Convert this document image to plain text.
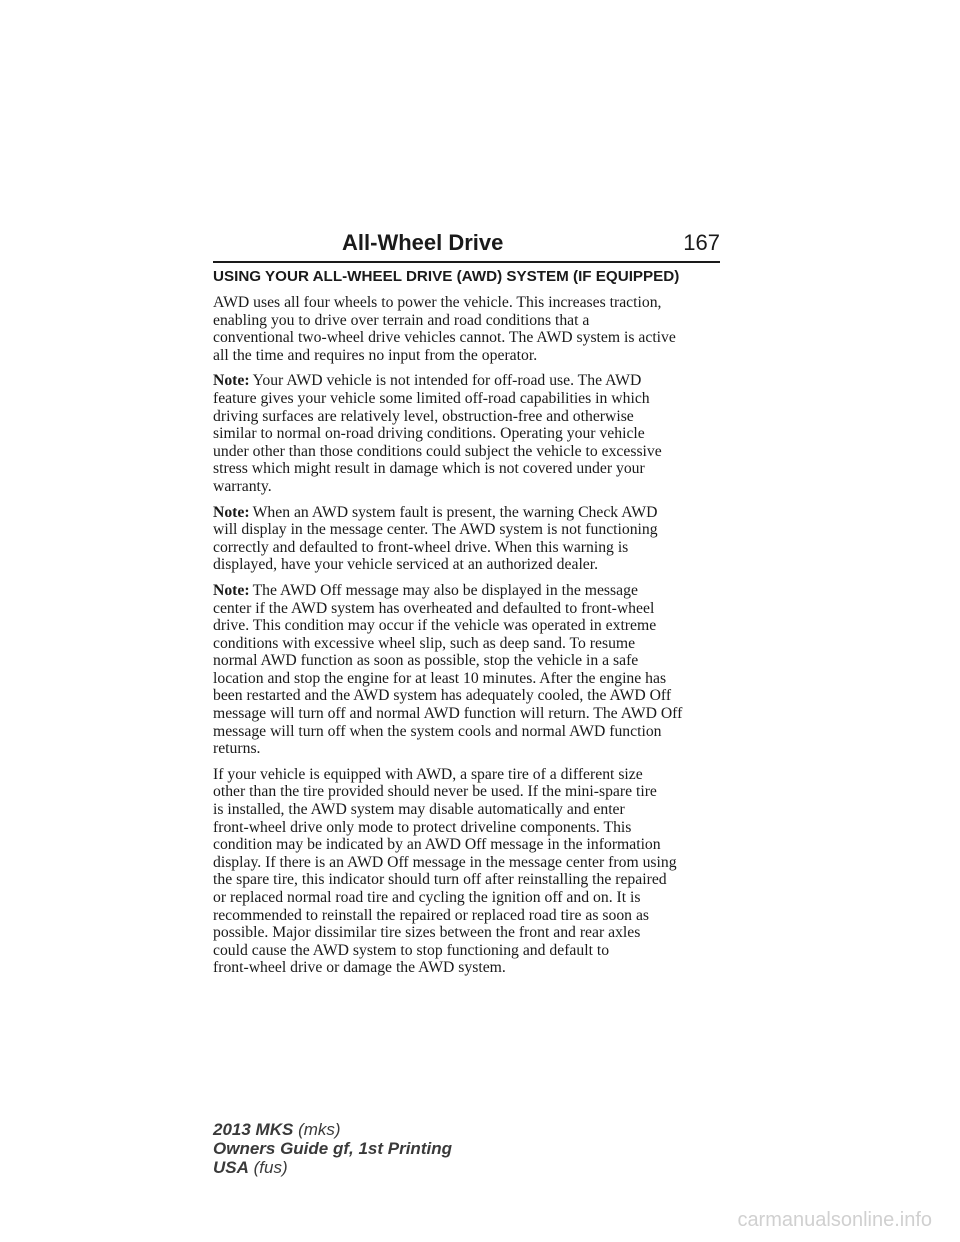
All-Wheel Drive	167
USING YOUR ALL-WHEEL DRIVE (AWD) SYSTEM (IF EQUIPPED)
AWD uses all four wheels to power the vehicle. This increases traction,
enabling you to drive over terrain and road conditions that a
conventional two-wheel drive vehicles cannot. The AWD system is active
all the time and requires no input from the operator.
Note: Your AWD vehicle is not intended for off-road use. The AWD
feature gives your vehicle some limited off-road capabilities in which
driving surfaces are relatively level, obstruction-free and otherwise
similar to normal on-road driving conditions. Operating your vehicle
under other than those conditions could subject the vehicle to excessive
stress which might result in damage which is not covered under your
warranty.
Note: When an AWD system fault is present, the warning Check AWD
will display in the message center. The AWD system is not functioning
correctly and defaulted to front-wheel drive. When this warning is
displayed, have your vehicle serviced at an authorized dealer.
Note: The AWD Off message may also be displayed in the message
center if the AWD system has overheated and defaulted to front-wheel
drive. This condition may occur if the vehicle was operated in extreme
conditions with excessive wheel slip, such as deep sand. To resume
normal AWD function as soon as possible, stop the vehicle in a safe
location and stop the engine for at least 10 minutes. After the engine has
been restarted and the AWD system has adequately cooled, the AWD Off
message will turn off and normal AWD function will return. The AWD Off
message will turn off when the system cools and normal AWD function
returns.
If your vehicle is equipped with AWD, a spare tire of a different size
other than the tire provided should never be used. If the mini-spare tire
is installed, the AWD system may disable automatically and enter
front-wheel drive only mode to protect driveline components. This
condition may be indicated by an AWD Off message in the information
display. If there is an AWD Off message in the message center from using
the spare tire, this indicator should turn off after reinstalling the repaired
or replaced normal road tire and cycling the ignition off and on. It is
recommended to reinstall the repaired or replaced road tire as soon as
possible. Major dissimilar tire sizes between the front and rear axles
could cause the AWD system to stop functioning and default to
front-wheel drive or damage the AWD system.
2013 MKS (mks)
Owners Guide gf, 1st Printing
USA (fus)
carmanualsonline.info
